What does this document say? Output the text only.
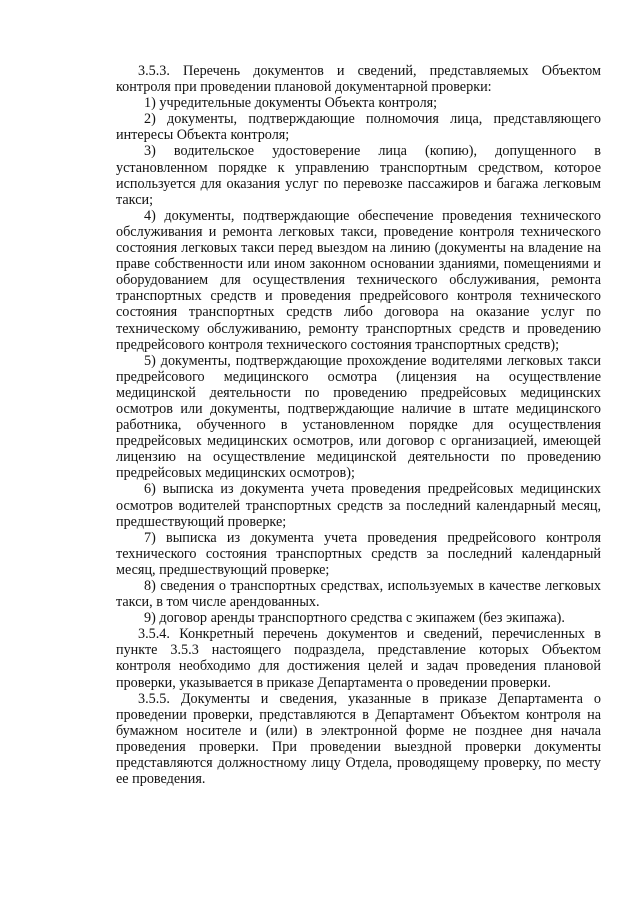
3.5.3. Перечень документов и сведений, представляемых Объектом контроля при проведении плановой документарной проверки:

1) учредительные документы Объекта контроля;

2) документы, подтверждающие полномочия лица, представляющего интересы Объекта контроля;

3) водительское удостоверение лица (копию), допущенного в установленном порядке к управлению транспортным средством, которое используется для оказания услуг по перевозке пассажиров и багажа легковым такси;

4) документы, подтверждающие обеспечение проведения технического обслуживания и ремонта легковых такси, проведение контроля технического состояния легковых такси перед выездом на линию (документы на владение на праве собственности или ином законном основании зданиями, помещениями и оборудованием для осуществления технического обслуживания, ремонта транспортных средств и проведения предрейсового контроля технического состояния транспортных средств либо договора на оказание услуг по техническому обслуживанию, ремонту транспортных средств и проведению предрейсового контроля технического состояния транспортных средств);

5) документы, подтверждающие прохождение водителями легковых такси предрейсового медицинского осмотра (лицензия на осуществление медицинской деятельности по проведению предрейсовых медицинских осмотров или документы, подтверждающие наличие в штате медицинского работника, обученного в установленном порядке для осуществления предрейсовых медицинских осмотров, или договор с организацией, имеющей лицензию на осуществление медицинской деятельности по проведению предрейсовых медицинских осмотров);

6) выписка из документа учета проведения предрейсовых медицинских осмотров водителей транспортных средств за последний календарный месяц, предшествующий проверке;

7) выписка из документа учета проведения предрейсового контроля технического состояния транспортных средств за последний календарный месяц, предшествующий проверке;

8) сведения о транспортных средствах, используемых в качестве легковых такси, в том числе арендованных.

9) договор аренды транспортного средства с экипажем (без экипажа).

3.5.4. Конкретный перечень документов и сведений, перечисленных в пункте 3.5.3 настоящего подраздела, представление которых Объектом контроля необходимо для достижения целей и задач проведения плановой проверки, указывается в приказе Департамента о проведении проверки.

3.5.5. Документы и сведения, указанные в приказе Департамента о проведении проверки, представляются в Департамент Объектом контроля на бумажном носителе и (или) в электронной форме не позднее дня начала проведения проверки. При проведении выездной проверки документы представляются должностному лицу Отдела, проводящему проверку, по месту ее проведения.
